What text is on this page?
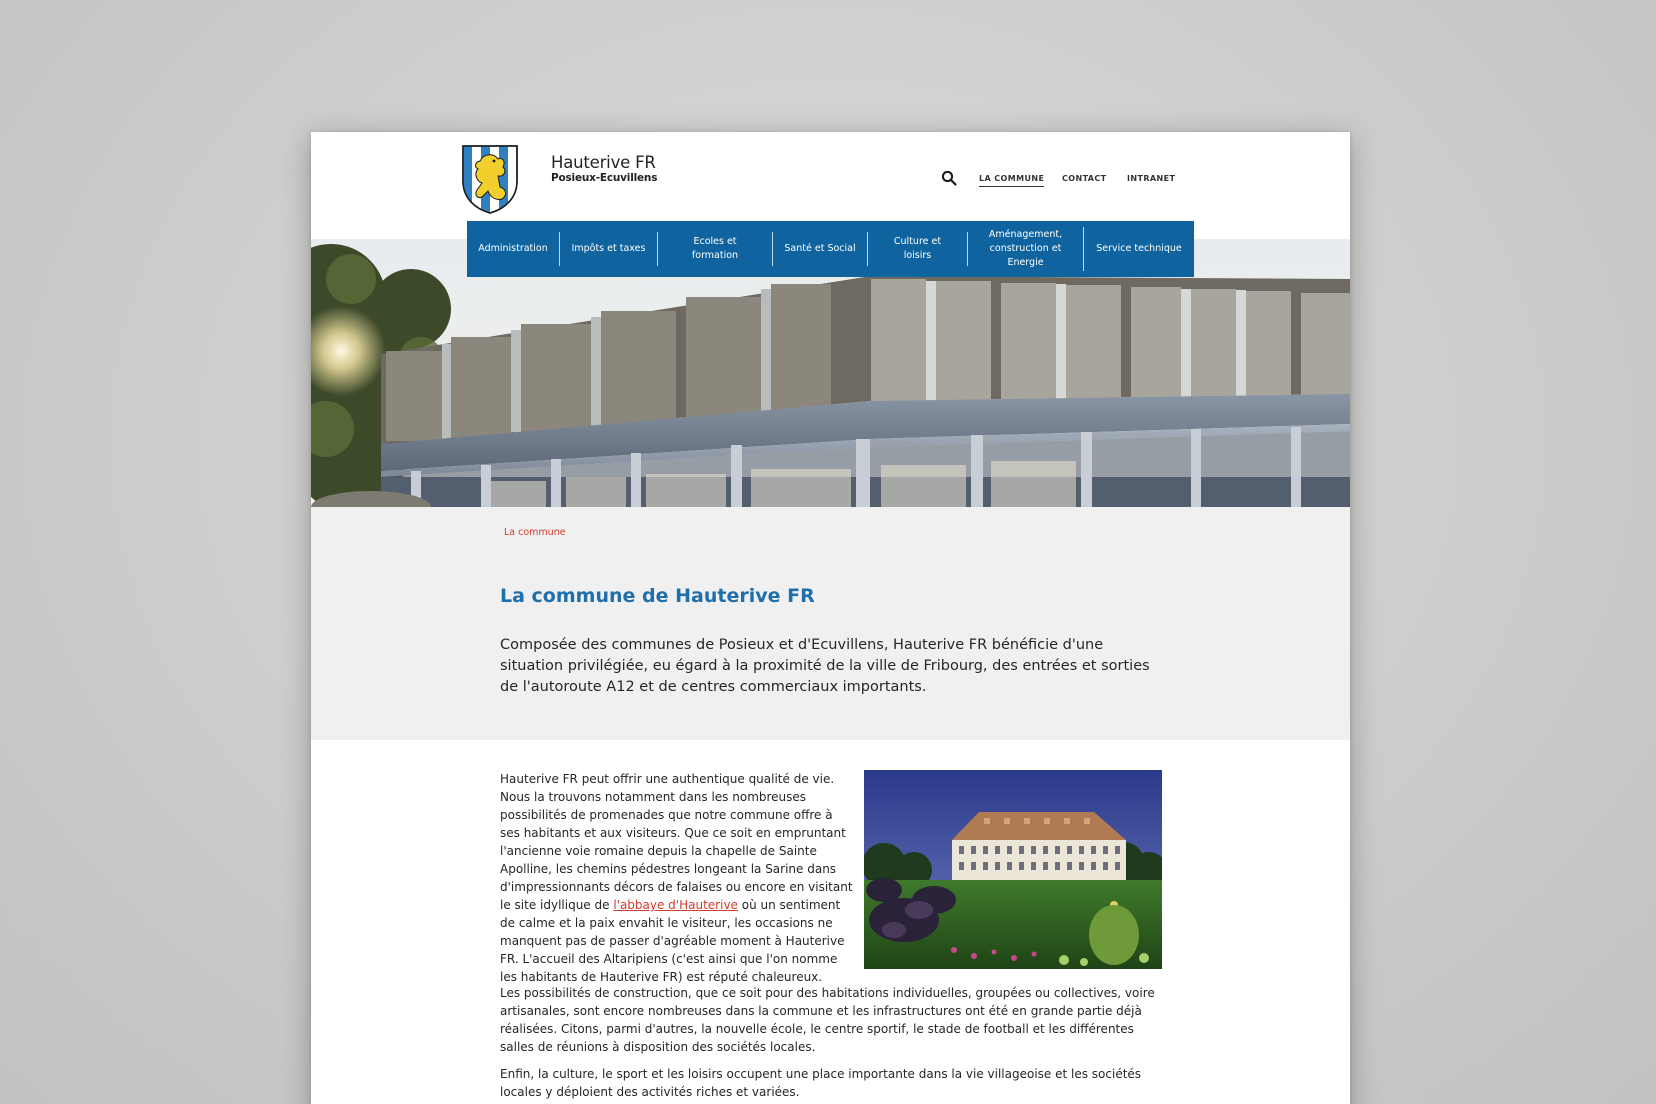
Hauterive FR
Posieux-Ecuvillens	LA COMMUNE CONTACT	INTRANET
Administration	Impôts et taxes
Ecoles et formation
Santé et Social
Culture et loisirs
Aménagement, construction et Energie
Service technique
La commune
La commune de Hauterive FR

Composée des communes de Posieux et d'Ecuvillens, Hauterive FR bénéficie d'une situation privilégiée, eu égard à la proximité de la ville de Fribourg, des entrées et sorties de l'autoroute A12 et de centres commerciaux importants.

Hauterive FR peut offrir une authentique qualité de vie. Nous la trouvons notamment dans les nombreuses possibilités de promenades que notre commune offre à ses habitants et aux visiteurs. Que ce soit en empruntant l'ancienne voie romaine depuis la chapelle de Sainte Apolline, les chemins pédestres longeant la Sarine dans d'impressionnants décors de falaises ou encore en visitant le site idyllique de l'abbaye d'Hauterive où un sentiment de calme et la paix envahit le visiteur, les occasions ne manquent pas de passer d'agréable moment à Hauterive FR. L'accueil des Altaripiens (c'est ainsi que l'on nomme les habitants de Hauterive FR) est réputé chaleureux.

Les possibilités de construction, que ce soit pour des habitations individuelles, groupées ou collectives, voire artisanales, sont encore nombreuses dans la commune et les infrastructures ont été en grande partie déjà réalisées. Citons, parmi d'autres, la nouvelle école, le centre sportif, le stade de football et les différentes salles de réunions à disposition des sociétés locales.

Enfin, la culture, le sport et les loisirs occupent une place importante dans la vie villageoise et les sociétés locales y déploient des activités riches et variées.
